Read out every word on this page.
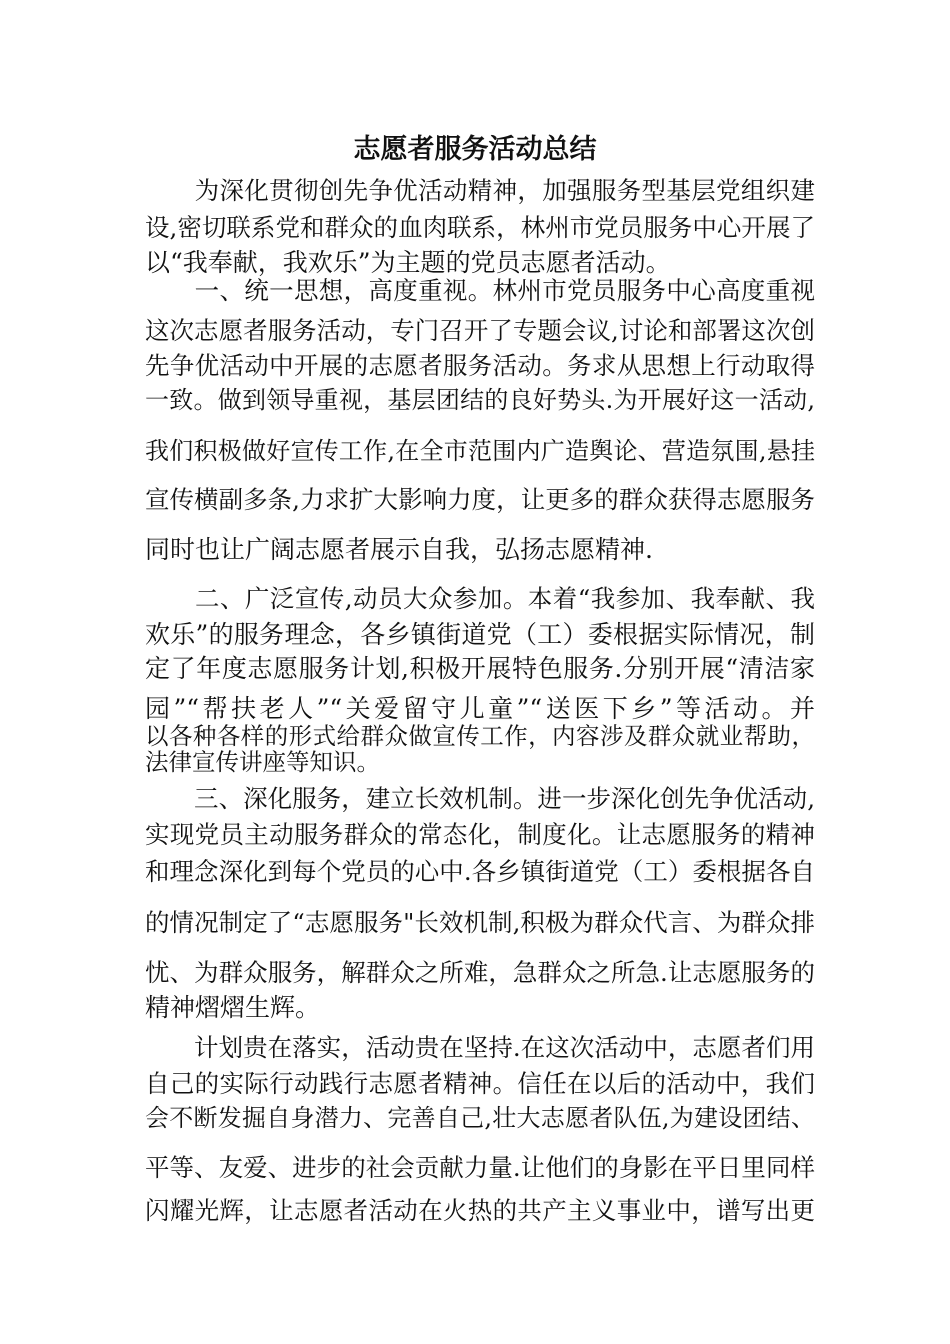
志愿者服务活动总结
　　为深化贯彻创先争优活动精神，加强服务型基层党组织建
设,密切联系党和群众的血肉联系，林州市党员服务中心开展了
以“我奉献，我欢乐”为主题的党员志愿者活动。
　　一、统一思想，高度重视。林州市党员服务中心高度重视
这次志愿者服务活动，专门召开了专题会议,讨论和部署这次创
先争优活动中开展的志愿者服务活动。务求从思想上行动取得
一致。做到领导重视，基层团结的良好势头.为开展好这一活动,
我们积极做好宣传工作,在全市范围内广造舆论、营造氛围,悬挂
宣传横副多条,力求扩大影响力度，让更多的群众获得志愿服务
同时也让广阔志愿者展示自我，弘扬志愿精神.
　　二、广泛宣传,动员大众参加。本着“我参加、我奉献、我
欢乐”的服务理念，各乡镇街道党（工）委根据实际情况，制
定了年度志愿服务计划,积极开展特色服务.分别开展“清洁家
园”“帮扶老人”“关爱留守儿童”“送医下乡”等活动。并
以各种各样的形式给群众做宣传工作，内容涉及群众就业帮助，
法律宣传讲座等知识。
　　三、深化服务，建立长效机制。进一步深化创先争优活动,
实现党员主动服务群众的常态化，制度化。让志愿服务的精神
和理念深化到每个党员的心中.各乡镇街道党（工）委根据各自
的情况制定了“志愿服务"长效机制,积极为群众代言、为群众排
忧、为群众服务，解群众之所难，急群众之所急.让志愿服务的
精神熠熠生辉。
　　计划贵在落实，活动贵在坚持.在这次活动中，志愿者们用
自己的实际行动践行志愿者精神。信任在以后的活动中，我们
会不断发掘自身潜力、完善自己,壮大志愿者队伍,为建设团结、
平等、友爱、进步的社会贡献力量.让他们的身影在平日里同样
闪耀光辉，让志愿者活动在火热的共产主义事业中，谱写出更
